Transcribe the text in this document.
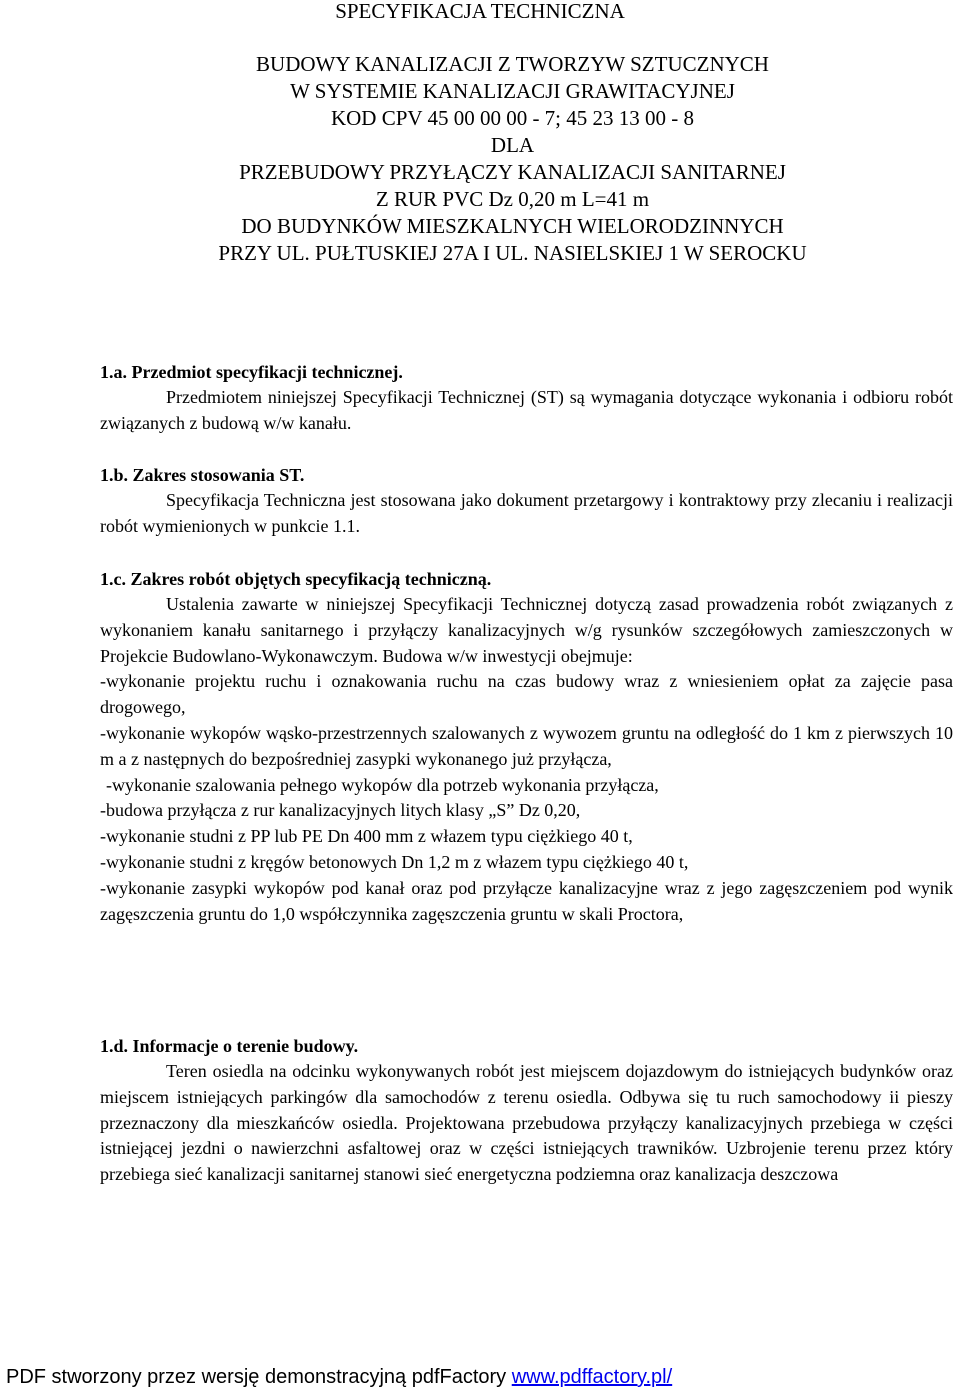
SPECYFIKACJA TECHNICZNA
BUDOWY KANALIZACJI Z TWORZYW SZTUCZNYCH
W SYSTEMIE KANALIZACJI GRAWITACYJNEJ
KOD CPV 45 00 00 00 - 7; 45 23 13 00 - 8
DLA
PRZEBUDOWY PRZYŁĄCZY KANALIZACJI SANITARNEJ
Z RUR PVC Dz 0,20 m L=41 m
DO BUDYNKÓW MIESZKALNYCH WIELORODZINNYCH
PRZY UL. PUŁTUSKIEJ 27A I UL. NASIELSKIEJ 1 W SEROCKU
1.a. Przedmiot specyfikacji technicznej.

Przedmiotem niniejszej Specyfikacji Technicznej (ST) są wymagania dotyczące wykonania i odbioru robót związanych z budową w/w kanału.

1.b. Zakres stosowania ST.

Specyfikacja Techniczna jest stosowana jako dokument przetargowy i kontraktowy przy zlecaniu i realizacji robót wymienionych w punkcie 1.1.

1.c. Zakres robót objętych specyfikacją techniczną.

Ustalenia zawarte w niniejszej Specyfikacji Technicznej dotyczą zasad prowadzenia robót związanych z wykonaniem kanału sanitarnego i przyłączy kanalizacyjnych w/g rysunków szczegółowych zamieszczonych w Projekcie Budowlano-Wykonawczym. Budowa w/w inwestycji obejmuje:

-wykonanie projektu ruchu i oznakowania ruchu na czas budowy wraz z wniesieniem opłat za zajęcie pasa drogowego,

-wykonanie wykopów wąsko-przestrzennych szalowanych z wywozem gruntu na odległość do 1 km z pierwszych 10 m a z następnych do bezpośredniej zasypki wykonanego już przyłącza,

-wykonanie szalowania pełnego wykopów dla potrzeb wykonania przyłącza,

-budowa przyłącza z rur kanalizacyjnych litych klasy „S” Dz 0,20,

-wykonanie studni z PP lub PE Dn 400 mm z włazem typu ciężkiego 40 t,

-wykonanie studni z kręgów betonowych Dn 1,2 m z włazem typu ciężkiego 40 t,

-wykonanie zasypki wykopów pod kanał oraz pod przyłącze kanalizacyjne wraz z jego zagęszczeniem pod wynik zagęszczenia gruntu do 1,0 współczynnika zagęszczenia gruntu w skali Proctora,

1.d. Informacje o terenie budowy.

Teren osiedla na odcinku wykonywanych robót jest miejscem dojazdowym do istniejących budynków oraz miejscem istniejących parkingów dla samochodów z terenu osiedla. Odbywa się tu ruch samochodowy ii pieszy przeznaczony dla mieszkańców osiedla. Projektowana przebudowa przyłączy kanalizacyjnych przebiega w części istniejącej jezdni o nawierzchni asfaltowej oraz w części istniejących trawników. Uzbrojenie terenu przez który przebiega sieć kanalizacji sanitarnej stanowi sieć energetyczna podziemna oraz kanalizacja deszczowa

PDF stworzony przez wersję demonstracyjną pdfFactory www.pdffactory.pl/
